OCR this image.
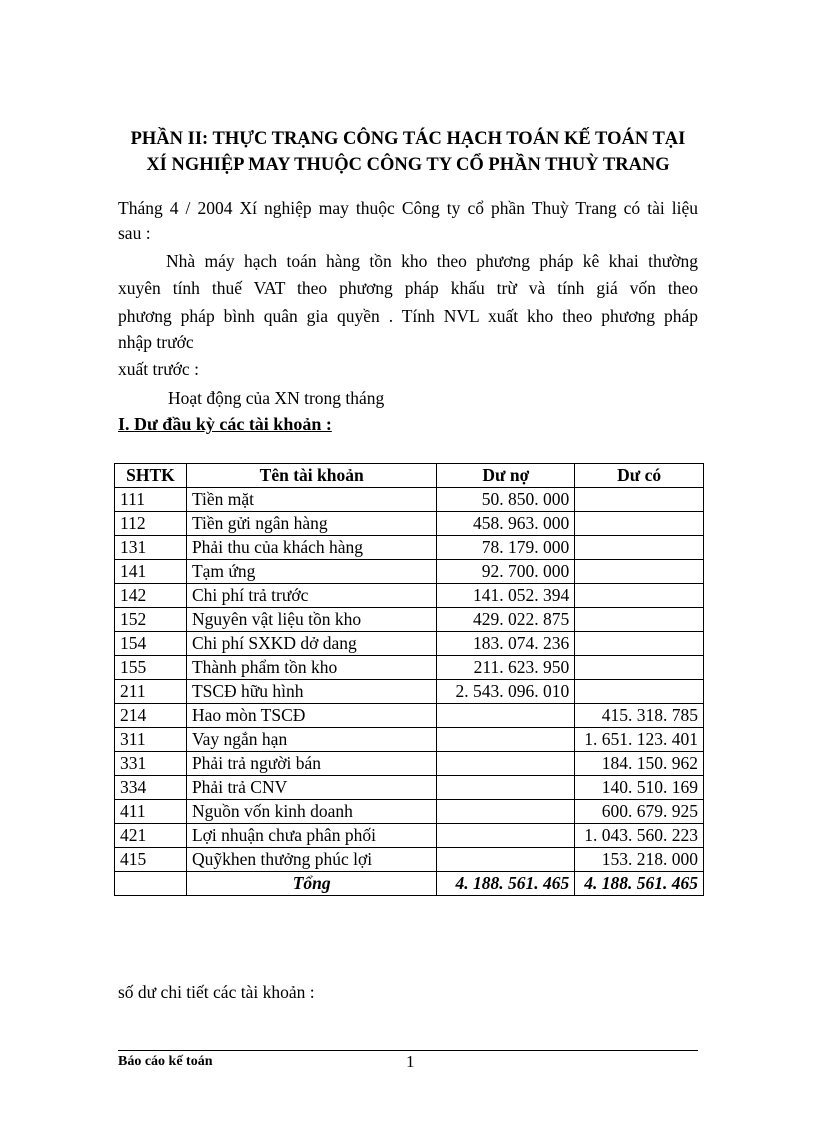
PHẦN II: THỰC TRẠNG CÔNG TÁC HẠCH TOÁN KẾ TOÁN TẠI
XÍ NGHIỆP MAY THUỘC CÔNG TY CỔ PHẦN THUỲ TRANG
Tháng 4 / 2004 Xí nghiệp may thuộc Công ty cổ phần Thuỳ Trang có tài liệu
sau :
Nhà máy hạch toán hàng tồn kho theo phương pháp kê khai thường
xuyên tính thuế VAT theo phương pháp khấu trừ và tính giá vốn theo
phương pháp bình quân gia quyền . Tính NVL xuất kho theo phương pháp
nhập trước
xuất trước :
Hoạt động của XN trong tháng
I. Dư đầu kỳ các tài khoản :
SHTK	Tên tài khoản	Dư nợ	Dư có
111	Tiền mặt	50. 850. 000	
112	Tiền gửi ngân hàng	458. 963. 000	
131	Phải thu của khách hàng	78. 179. 000	
141	Tạm ứng	92. 700. 000	
142	Chi phí trả trước	141. 052. 394	
152	Nguyên vật liệu tồn kho	429. 022. 875	
154	Chi phí SXKD dở dang	183. 074. 236	
155	Thành phẩm tồn kho	211. 623. 950	
211	TSCĐ hữu hình	2. 543. 096. 010	
214	Hao mòn TSCĐ		415. 318. 785
311	Vay ngắn hạn		1. 651. 123. 401
331	Phải trả người bán		184. 150. 962
334	Phải trả CNV		140. 510. 169
411	Nguồn vốn kinh doanh		600. 679. 925
421	Lợi nhuận chưa phân phối		1. 043. 560. 223
415	Quỹkhen thưởng phúc lợi		153. 218. 000
	Tổng	4. 188. 561. 465	4. 188. 561. 465
số dư chi tiết các tài khoản :
Báo cáo kế toán	1
